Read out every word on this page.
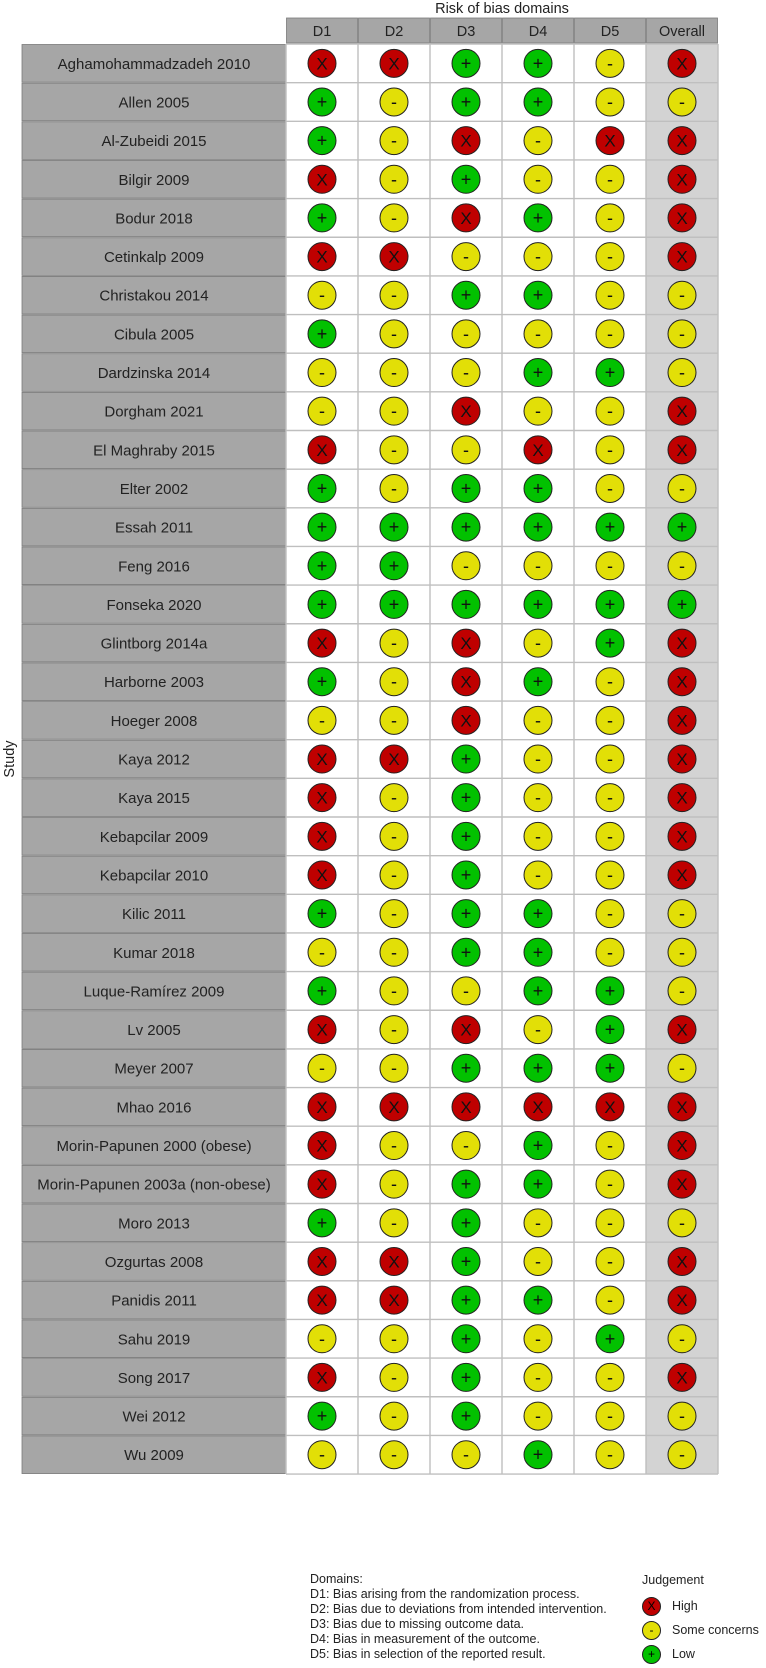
Risk of bias domains
Study
D1	D2	D3	D4	D5	Overall
Aghamohammadzadeh 2010	X	X	+	+	-	X
Allen 2005	+	-	+	+	-	-
Al-Zubeidi 2015	+	-	X	-	X	X
Bilgir 2009	X	-	+	-	-	X
Bodur 2018	+	-	X	+	-	X
Cetinkalp 2009	X	X	-	-	-	X
Christakou 2014	-	-	+	+	-	-
Cibula 2005	+	-	-	-	-	-
Dardzinska 2014	-	-	-	+	+	-
Dorgham 2021	-	-	X	-	-	X
El Maghraby 2015	X	-	-	X	-	X
Elter 2002	+	-	+	+	-	-
Essah 2011	+	+	+	+	+	+
Feng 2016	+	+	-	-	-	-
Fonseka 2020	+	+	+	+	+	+
Glintborg 2014a	X	-	X	-	+	X
Harborne 2003	+	-	X	+	-	X
Hoeger 2008	-	-	X	-	-	X
Kaya 2012	X	X	+	-	-	X
Kaya 2015	X	-	+	-	-	X
Kebapcilar 2009	X	-	+	-	-	X
Kebapcilar 2010	X	-	+	-	-	X
Kilic 2011	+	-	+	+	-	-
Kumar 2018	-	-	+	+	-	-
Luque-Ramírez 2009	+	-	-	+	+	-
Lv 2005	X	-	X	-	+	X
Meyer 2007	-	-	+	+	+	-
Mhao 2016	X	X	X	X	X	X
Morin-Papunen 2000 (obese)	X	-	-	+	-	X
Morin-Papunen 2003a (non-obese)	X	-	+	+	-	X
Moro 2013	+	-	+	-	-	-
Ozgurtas 2008	X	X	+	-	-	X
Panidis 2011	X	X	+	+	-	X
Sahu 2019	-	-	+	-	+	-
Song 2017	X	-	+	-	-	X
Wei 2012	+	-	+	-	-	-
Wu 2009	-	-	-	+	-	-
Domains:
D1: Bias arising from the randomization process.
D2: Bias due to deviations from intended intervention.
D3: Bias due to missing outcome data.
D4: Bias in measurement of the outcome.
D5: Bias in selection of the reported result.
Judgement
X	High
-	Some concerns
+	Low
